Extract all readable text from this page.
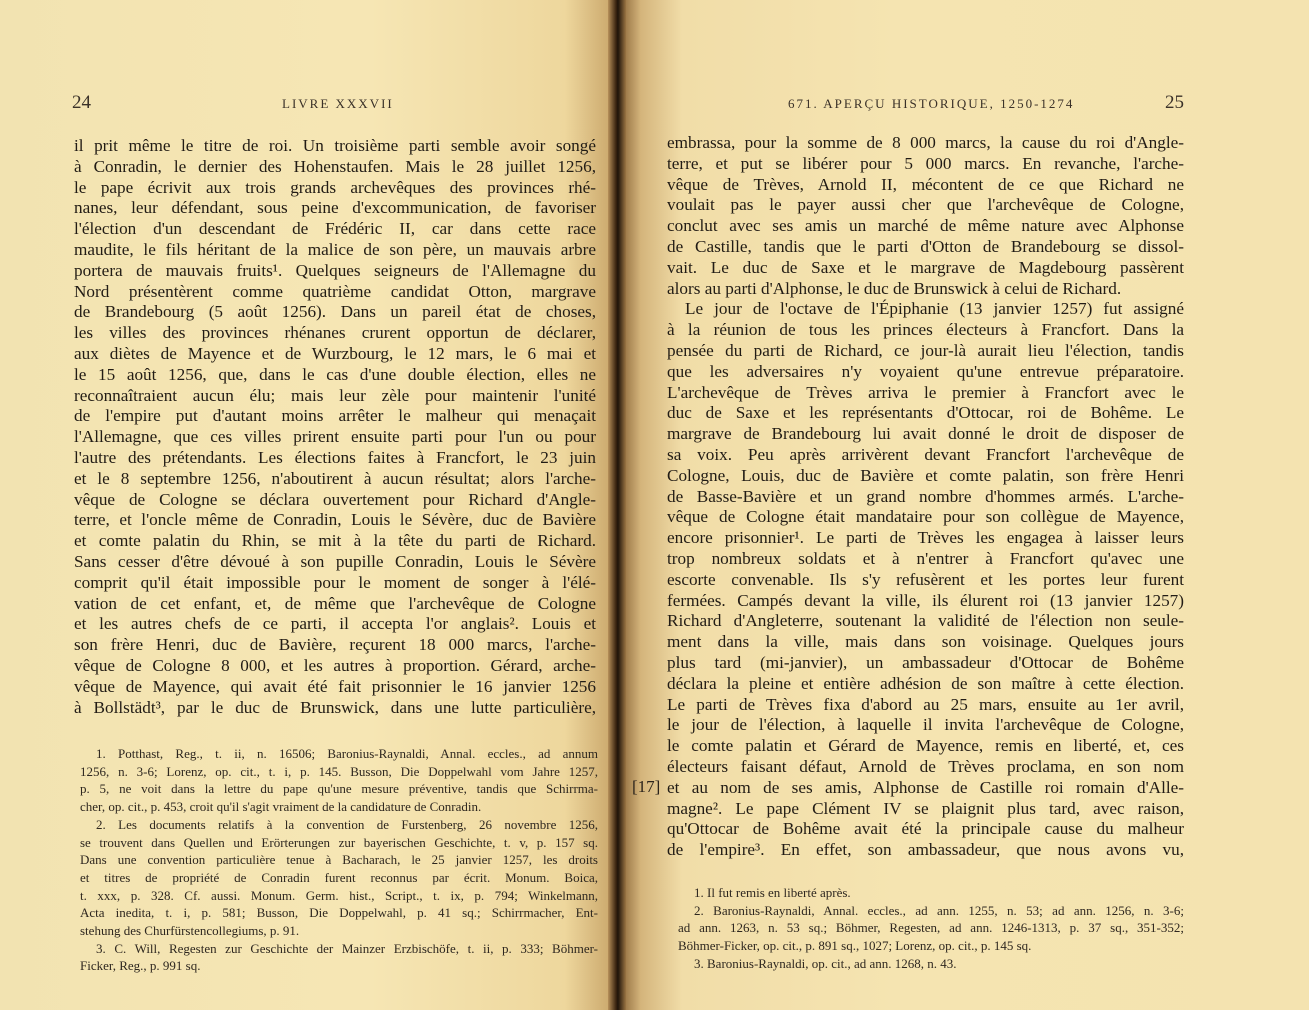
24	LIVRE XXXVII
il prit même le titre de roi. Un troisième parti semble avoir songé
à Conradin, le dernier des Hohenstaufen. Mais le 28 juillet 1256,
le pape écrivit aux trois grands archevêques des provinces rhé-
nanes, leur défendant, sous peine d'excommunication, de favoriser
l'élection d'un descendant de Frédéric II, car dans cette race
maudite, le fils héritant de la malice de son père, un mauvais arbre
portera de mauvais fruits¹. Quelques seigneurs de l'Allemagne du
Nord présentèrent comme quatrième candidat Otton, margrave
de Brandebourg (5 août 1256). Dans un pareil état de choses,
les villes des provinces rhénanes crurent opportun de déclarer,
aux diètes de Mayence et de Wurzbourg, le 12 mars, le 6 mai et
le 15 août 1256, que, dans le cas d'une double élection, elles ne
reconnaîtraient aucun élu; mais leur zèle pour maintenir l'unité
de l'empire put d'autant moins arrêter le malheur qui menaçait
l'Allemagne, que ces villes prirent ensuite parti pour l'un ou pour
l'autre des prétendants. Les élections faites à Francfort, le 23 juin
et le 8 septembre 1256, n'aboutirent à aucun résultat; alors l'arche-
vêque de Cologne se déclara ouvertement pour Richard d'Angle-
terre, et l'oncle même de Conradin, Louis le Sévère, duc de Bavière
et comte palatin du Rhin, se mit à la tête du parti de Richard.
Sans cesser d'être dévoué à son pupille Conradin, Louis le Sévère
comprit qu'il était impossible pour le moment de songer à l'élé-
vation de cet enfant, et, de même que l'archevêque de Cologne
et les autres chefs de ce parti, il accepta l'or anglais². Louis et
son frère Henri, duc de Bavière, reçurent 18 000 marcs, l'arche-
vêque de Cologne 8 000, et les autres à proportion. Gérard, arche-
vêque de Mayence, qui avait été fait prisonnier le 16 janvier 1256
à Bollstädt³, par le duc de Brunswick, dans une lutte particulière,
1. Potthast, Reg., t. ii, n. 16506; Baronius-Raynaldi, Annal. eccles., ad annum
1256, n. 3-6; Lorenz, op. cit., t. i, p. 145. Busson, Die Doppelwahl vom Jahre 1257,
p. 5, ne voit dans la lettre du pape qu'une mesure préventive, tandis que Schirrma-
cher, op. cit., p. 453, croit qu'il s'agit vraiment de la candidature de Conradin.
2. Les documents relatifs à la convention de Furstenberg, 26 novembre 1256,
se trouvent dans Quellen und Erörterungen zur bayerischen Geschichte, t. v, p. 157 sq.
Dans une convention particulière tenue à Bacharach, le 25 janvier 1257, les droits
et titres de propriété de Conradin furent reconnus par écrit. Monum. Boica,
t. xxx, p. 328. Cf. aussi. Monum. Germ. hist., Script., t. ix, p. 794; Winkelmann,
Acta inedita, t. i, p. 581; Busson, Die Doppelwahl, p. 41 sq.; Schirrmacher, Ent-
stehung des Churfürstencollegiums, p. 91.
3. C. Will, Regesten zur Geschichte der Mainzer Erzbischöfe, t. ii, p. 333; Böhmer-
Ficker, Reg., p. 991 sq.
671. APERÇU HISTORIQUE, 1250-1274	25
embrassa, pour la somme de 8 000 marcs, la cause du roi d'Angle-
terre, et put se libérer pour 5 000 marcs. En revanche, l'arche-
vêque de Trèves, Arnold II, mécontent de ce que Richard ne
voulait pas le payer aussi cher que l'archevêque de Cologne,
conclut avec ses amis un marché de même nature avec Alphonse
de Castille, tandis que le parti d'Otton de Brandebourg se dissol-
vait. Le duc de Saxe et le margrave de Magdebourg passèrent
alors au parti d'Alphonse, le duc de Brunswick à celui de Richard.
Le jour de l'octave de l'Épiphanie (13 janvier 1257) fut assigné
à la réunion de tous les princes électeurs à Francfort. Dans la
pensée du parti de Richard, ce jour-là aurait lieu l'élection, tandis
que les adversaires n'y voyaient qu'une entrevue préparatoire.
L'archevêque de Trèves arriva le premier à Francfort avec le
duc de Saxe et les représentants d'Ottocar, roi de Bohême. Le
margrave de Brandebourg lui avait donné le droit de disposer de
sa voix. Peu après arrivèrent devant Francfort l'archevêque de
Cologne, Louis, duc de Bavière et comte palatin, son frère Henri
de Basse-Bavière et un grand nombre d'hommes armés. L'arche-
vêque de Cologne était mandataire pour son collègue de Mayence,
encore prisonnier¹. Le parti de Trèves les engagea à laisser leurs
trop nombreux soldats et à n'entrer à Francfort qu'avec une
escorte convenable. Ils s'y refusèrent et les portes leur furent
fermées. Campés devant la ville, ils élurent roi (13 janvier 1257)
Richard d'Angleterre, soutenant la validité de l'élection non seule-
ment dans la ville, mais dans son voisinage. Quelques jours
plus tard (mi-janvier), un ambassadeur d'Ottocar de Bohême
déclara la pleine et entière adhésion de son maître à cette élection.
Le parti de Trèves fixa d'abord au 25 mars, ensuite au 1er avril,
le jour de l'élection, à laquelle il invita l'archevêque de Cologne,
le comte palatin et Gérard de Mayence, remis en liberté, et, ces
électeurs faisant défaut, Arnold de Trèves proclama, en son nom
et au nom de ses amis, Alphonse de Castille roi romain d'Alle-
magne². Le pape Clément IV se plaignit plus tard, avec raison,
qu'Ottocar de Bohême avait été la principale cause du malheur
de l'empire³. En effet, son ambassadeur, que nous avons vu,
[17]
1. Il fut remis en liberté après.
2. Baronius-Raynaldi, Annal. eccles., ad ann. 1255, n. 53; ad ann. 1256, n. 3-6;
ad ann. 1263, n. 53 sq.; Böhmer, Regesten, ad ann. 1246-1313, p. 37 sq., 351-352;
Böhmer-Ficker, op. cit., p. 891 sq., 1027; Lorenz, op. cit., p. 145 sq.
3. Baronius-Raynaldi, op. cit., ad ann. 1268, n. 43.
